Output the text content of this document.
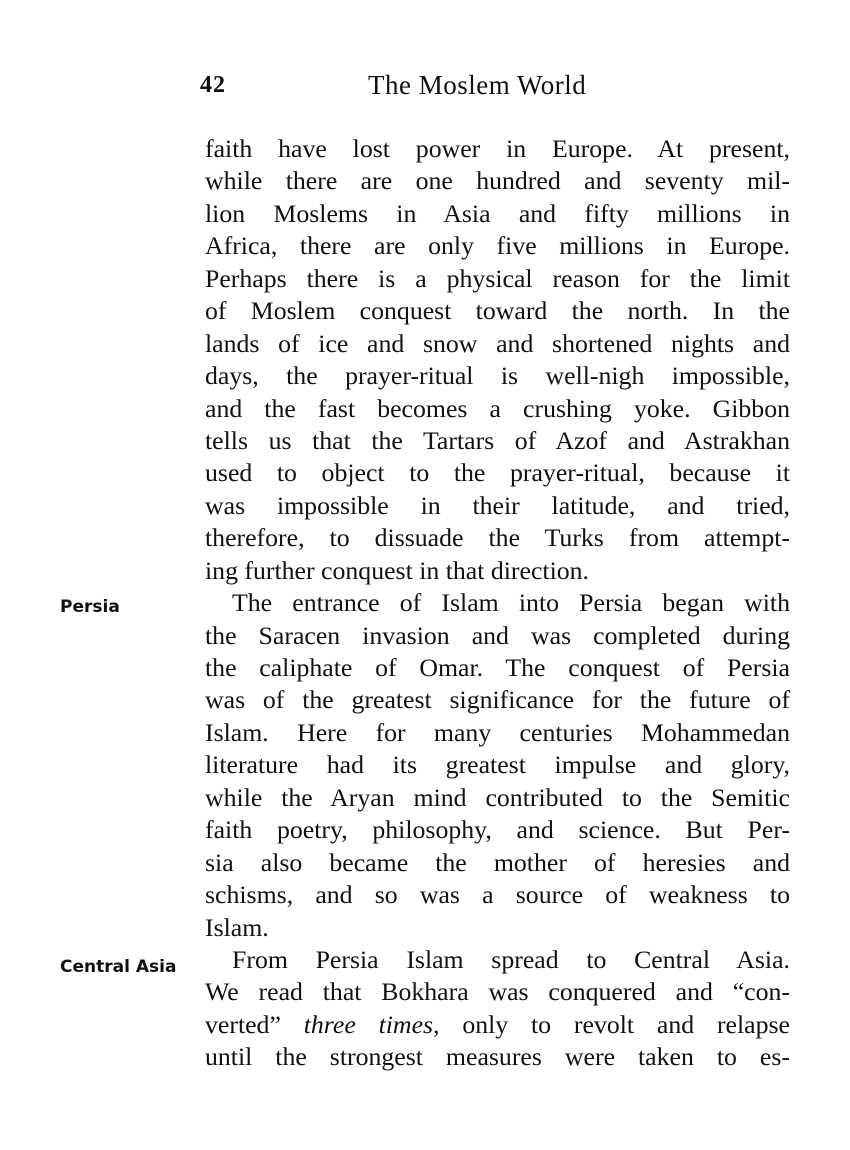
42	The Moslem World
Persia
Central Asia
faith have lost power in Europe. At present,
while there are one hundred and seventy mil-
lion Moslems in Asia and fifty millions in
Africa, there are only five millions in Europe.
Perhaps there is a physical reason for the limit
of Moslem conquest toward the north. In the
lands of ice and snow and shortened nights and
days, the prayer-ritual is well-nigh impossible,
and the fast becomes a crushing yoke. Gibbon
tells us that the Tartars of Azof and Astrakhan
used to object to the prayer-ritual, because it
was impossible in their latitude, and tried,
therefore, to dissuade the Turks from attempt-
ing further conquest in that direction.
The entrance of Islam into Persia began with
the Saracen invasion and was completed during
the caliphate of Omar. The conquest of Persia
was of the greatest significance for the future of
Islam. Here for many centuries Mohammedan
literature had its greatest impulse and glory,
while the Aryan mind contributed to the Semitic
faith poetry, philosophy, and science. But Per-
sia also became the mother of heresies and
schisms, and so was a source of weakness to
Islam.
From Persia Islam spread to Central Asia.
We read that Bokhara was conquered and “con-
verted” three times, only to revolt and relapse
until the strongest measures were taken to es-
